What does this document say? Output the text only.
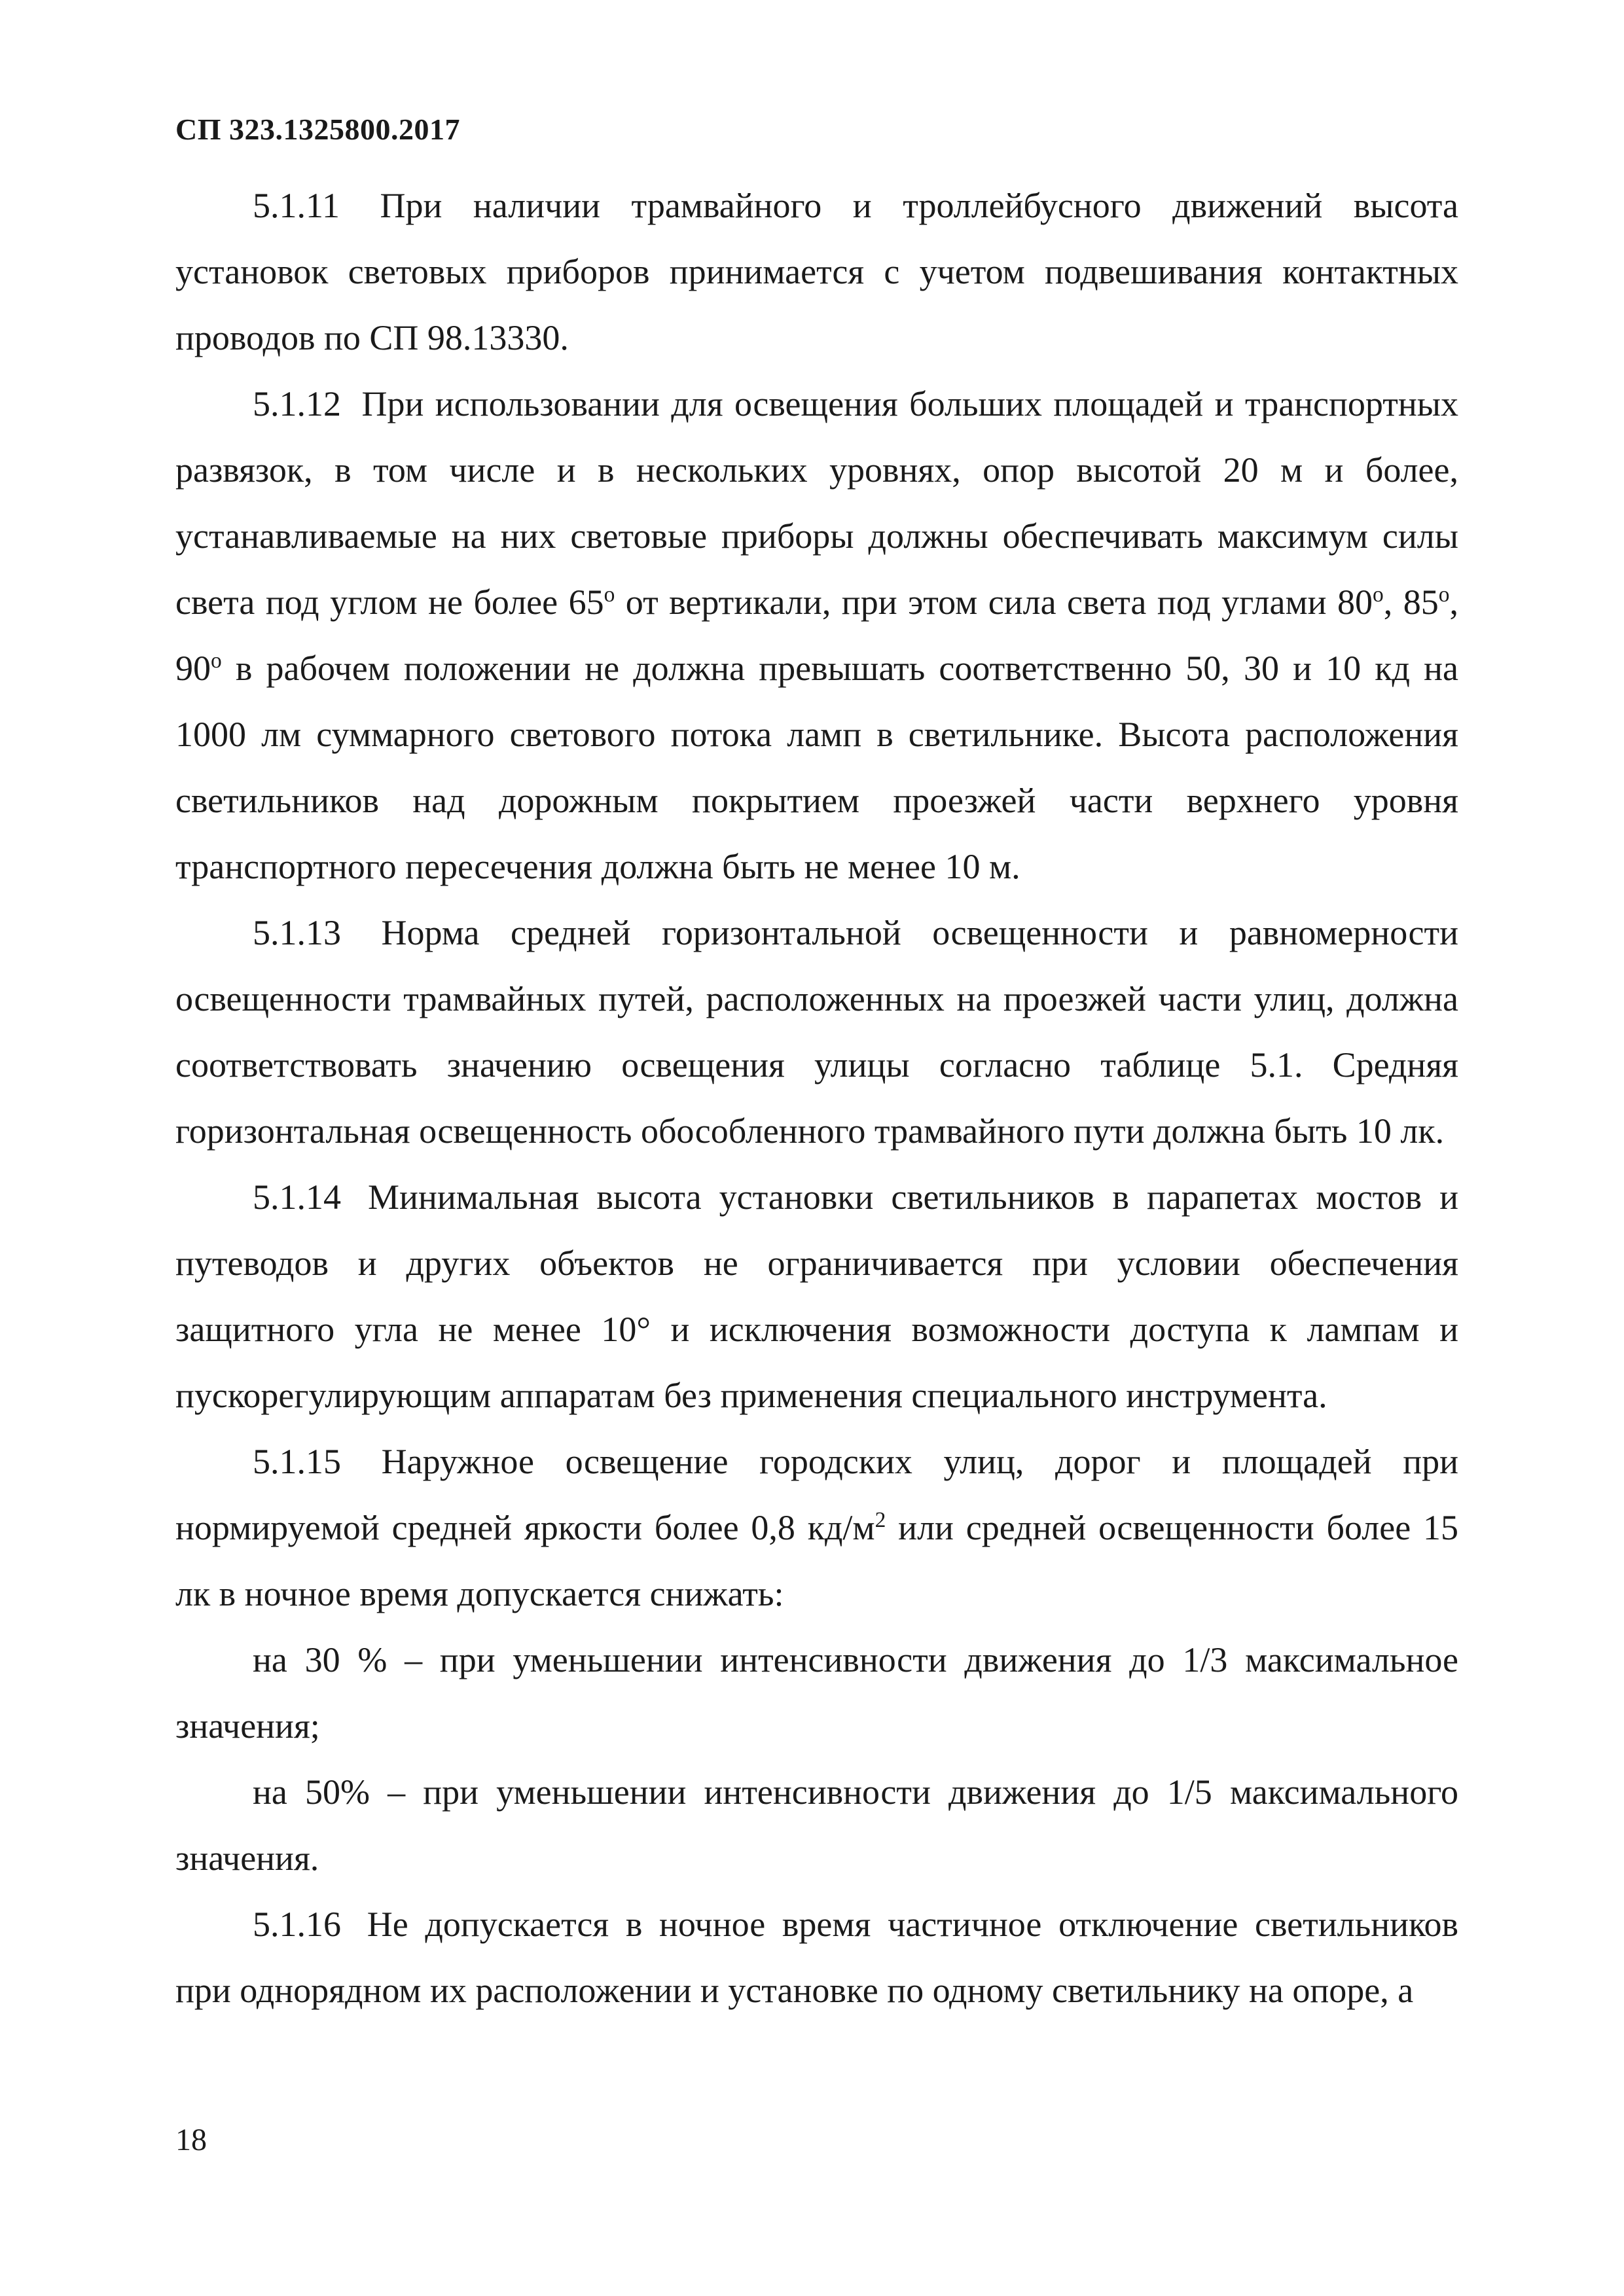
СП 323.1325800.2017

5.1.11 При наличии трамвайного и троллейбусного движений высота установок световых приборов принимается с учетом подвешивания контактных проводов по СП 98.13330.

5.1.12 При использовании для освещения больших площадей и транспортных развязок, в том числе и в нескольких уровнях, опор высотой 20 м и более, устанавливаемые на них световые приборы должны обеспечивать максимум силы света под углом не более $65^о$ от вертикали, при этом сила света под углами $80^о$, $85^о$, $90^о$ в рабочем положении не должна превышать соответственно 50, 30 и 10 кд на 1000 лм суммарного светового потока ламп в светильнике. Высота расположения светильников над дорожным покрытием проезжей части верхнего уровня транспортного пересечения должна быть не менее 10 м.

5.1.13 Норма средней горизонтальной освещенности и равномерности освещенности трамвайных путей, расположенных на проезжей части улиц, должна соответствовать значению освещения улицы согласно таблице 5.1. Средняя горизонтальная освещенность обособленного трамвайного пути должна быть 10 лк.

5.1.14 Минимальная высота установки светильников в парапетах мостов и путеводов и других объектов не ограничивается при условии обеспечения защитного угла не менее 10° и исключения возможности доступа к лампам и пускорегулирующим аппаратам без применения специального инструмента.

5.1.15 Наружное освещение городских улиц, дорог и площадей при нормируемой средней яркости более 0,8 $кд/м^2$ или средней освещенности более 15 лк в ночное время допускается снижать:

на 30 % – при уменьшении интенсивности движения до 1/3 максимальное значения;

на 50% – при уменьшении интенсивности движения до 1/5 максимального значения.

5.1.16 Не допускается в ночное время частичное отключение светильников при однорядном их расположении и установке по одному светильнику на опоре, а

18
